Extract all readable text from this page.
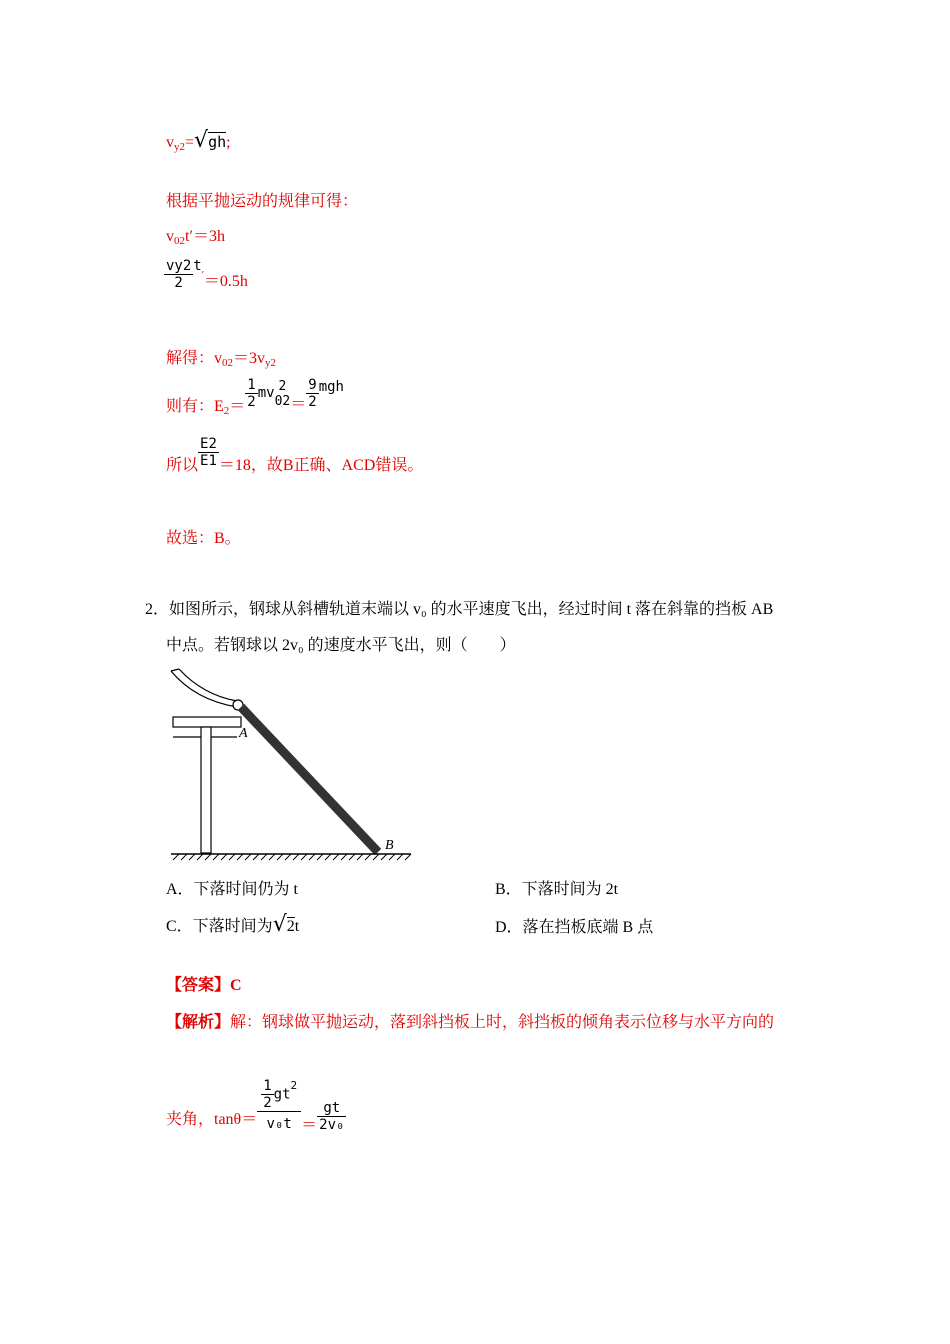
$v_{y2}=√gh$;
根据平抛运动的规律可得：
$v_{02}t'=3h$
$\frac{vy2}{2} t'=0.5h$
解得：$v_{02}=3v_{y2}$
则有：$E_2= \frac{1}{2}$ mv 2
$02 = \frac{9}{2}$ mgh
所以 $\frac{E2}{E1} =18$，故B正确、ACD错误。
故选：B。
2．如图所示，钢球从斜槽轨道末端以 v₀ 的水平速度飞出，经过时间 t 落在斜靠的挡板 AB
中点。若钢球以 2v₀ 的速度水平飞出，则（　　）
A
B
A．下落时间仍为 t	B．下落时间为 2t
C．下落时间为√2t	D．落在挡板底端 B 点
【答案】C
【解析】解：钢球做平抛运动，落到斜挡板上时，斜挡板的倾角表示位移与水平方向的
夹角，$\tan\theta= \frac{\frac{1}{2} gt^2}{\text{v₀t}} = \frac{gt}{\text{2v₀}}$
